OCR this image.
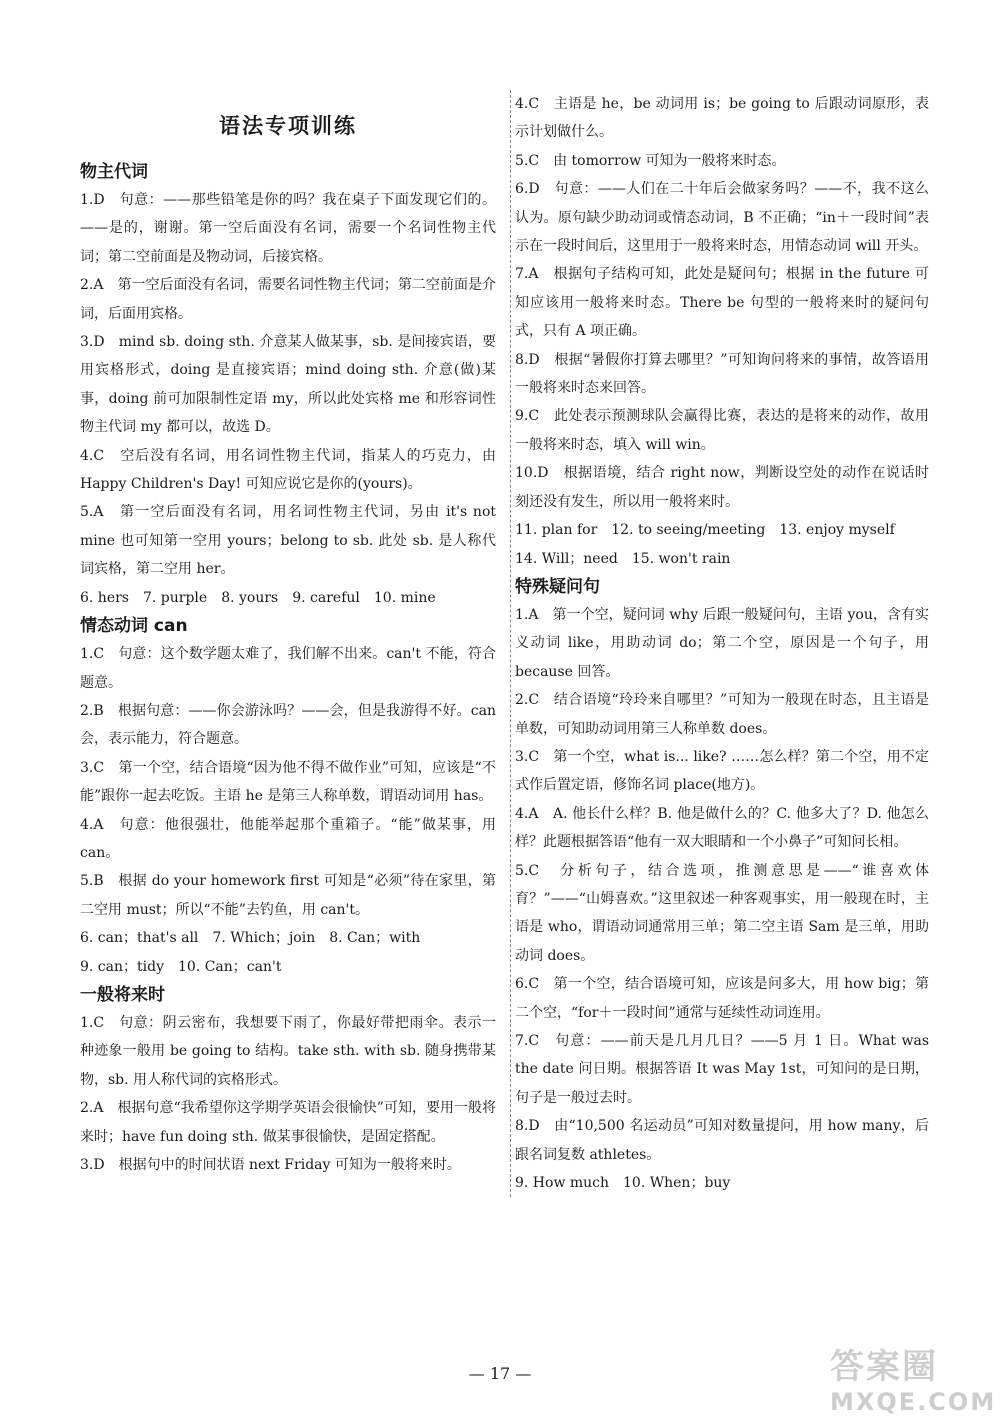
语法专项训练
物主代词

1.D　句意：——那些铅笔是你的吗？我在桌子下面发现它们的。——是的，谢谢。第一空后面没有名词，需要一个名词性物主代词；第二空前面是及物动词，后接宾格。

2.A　第一空后面没有名词，需要名词性物主代词；第二空前面是介词，后面用宾格。

3.D　mind sb. doing sth. 介意某人做某事，sb. 是间接宾语，要用宾格形式，doing 是直接宾语；mind doing sth. 介意(做)某事，doing 前可加限制性定语 my，所以此处宾格 me 和形容词性物主代词 my 都可以，故选 D。

4.C　空后没有名词，用名词性物主代词，指某人的巧克力，由 Happy Children's Day! 可知应说它是你的(yours)。

5.A　第一空后面没有名词，用名词性物主代词，另由 it's not mine 也可知第一空用 yours；belong to sb. 此处 sb. 是人称代词宾格，第二空用 her。

6. hers　7. purple　8. yours　9. careful　10. mine

情态动词 can

1.C　句意：这个数学题太难了，我们解不出来。can't 不能，符合题意。

2.B　根据句意：——你会游泳吗？——会，但是我游得不好。can 会，表示能力，符合题意。

3.C　第一个空，结合语境“因为他不得不做作业”可知，应该是“不能”跟你一起去吃饭。主语 he 是第三人称单数，谓语动词用 has。

4.A　句意：他很强壮，他能举起那个重箱子。“能”做某事，用 can。

5.B　根据 do your homework first 可知是“必须”待在家里，第二空用 must；所以“不能”去钓鱼，用 can't。

6. can；that's all　7. Which；join　8. Can；with

9. can；tidy　10. Can；can't

一般将来时

1.C　句意：阴云密布，我想要下雨了，你最好带把雨伞。表示一种迹象一般用 be going to 结构。take sth. with sb. 随身携带某物，sb. 用人称代词的宾格形式。

2.A　根据句意“我希望你这学期学英语会很愉快”可知，要用一般将来时；have fun doing sth. 做某事很愉快，是固定搭配。

3.D　根据句中的时间状语 next Friday 可知为一般将来时。

4.C　主语是 he，be 动词用 is；be going to 后跟动词原形，表示计划做什么。

5.C　由 tomorrow 可知为一般将来时态。

6.D　句意：——人们在二十年后会做家务吗？——不，我不这么认为。原句缺少助动词或情态动词，B 不正确；“in＋一段时间”表示在一段时间后，这里用于一般将来时态，用情态动词 will 开头。

7.A　根据句子结构可知，此处是疑问句；根据 in the future 可知应该用一般将来时态。There be 句型的一般将来时的疑问句式，只有 A 项正确。

8.D　根据“暑假你打算去哪里？”可知询问将来的事情，故答语用一般将来时态来回答。

9.C　此处表示预测球队会赢得比赛，表达的是将来的动作，故用一般将来时态，填入 will win。

10.D　根据语境，结合 right now，判断设空处的动作在说话时刻还没有发生，所以用一般将来时。

11. plan for　12. to seeing/meeting　13. enjoy myself

14. Will；need　15. won't rain

特殊疑问句

1.A　第一个空，疑问词 why 后跟一般疑问句，主语 you，含有实义动词 like，用助动词 do；第二个空，原因是一个句子，用 because 回答。

2.C　结合语境“玲玲来自哪里？”可知为一般现在时态，且主语是单数，可知助动词用第三人称单数 does。

3.C　第一个空，what is... like? ……怎么样？第二个空，用不定式作后置定语，修饰名词 place(地方)。

4.A　A. 他长什么样？B. 他是做什么的？C. 他多大了？D. 他怎么样？此题根据答语“他有一双大眼睛和一个小鼻子”可知问长相。

5.C　分析句子，结合选项，推测意思是——“谁喜欢体育？”——“山姆喜欢。”这里叙述一种客观事实，用一般现在时，主语是 who，谓语动词通常用三单；第二空主语 Sam 是三单，用助动词 does。

6.C　第一个空，结合语境可知，应该是问多大，用 how big；第二个空，“for＋一段时间”通常与延续性动词连用。

7.C　句意：——前天是几月几日？——5 月 1 日。What was the date 问日期。根据答语 It was May 1st，可知问的是日期，句子是一般过去时。

8.D　由“10,500 名运动员”可知对数量提问，用 how many，后跟名词复数 athletes。

9. How much　10. When；buy

— 17 —	答案圈
MXQE.COM
